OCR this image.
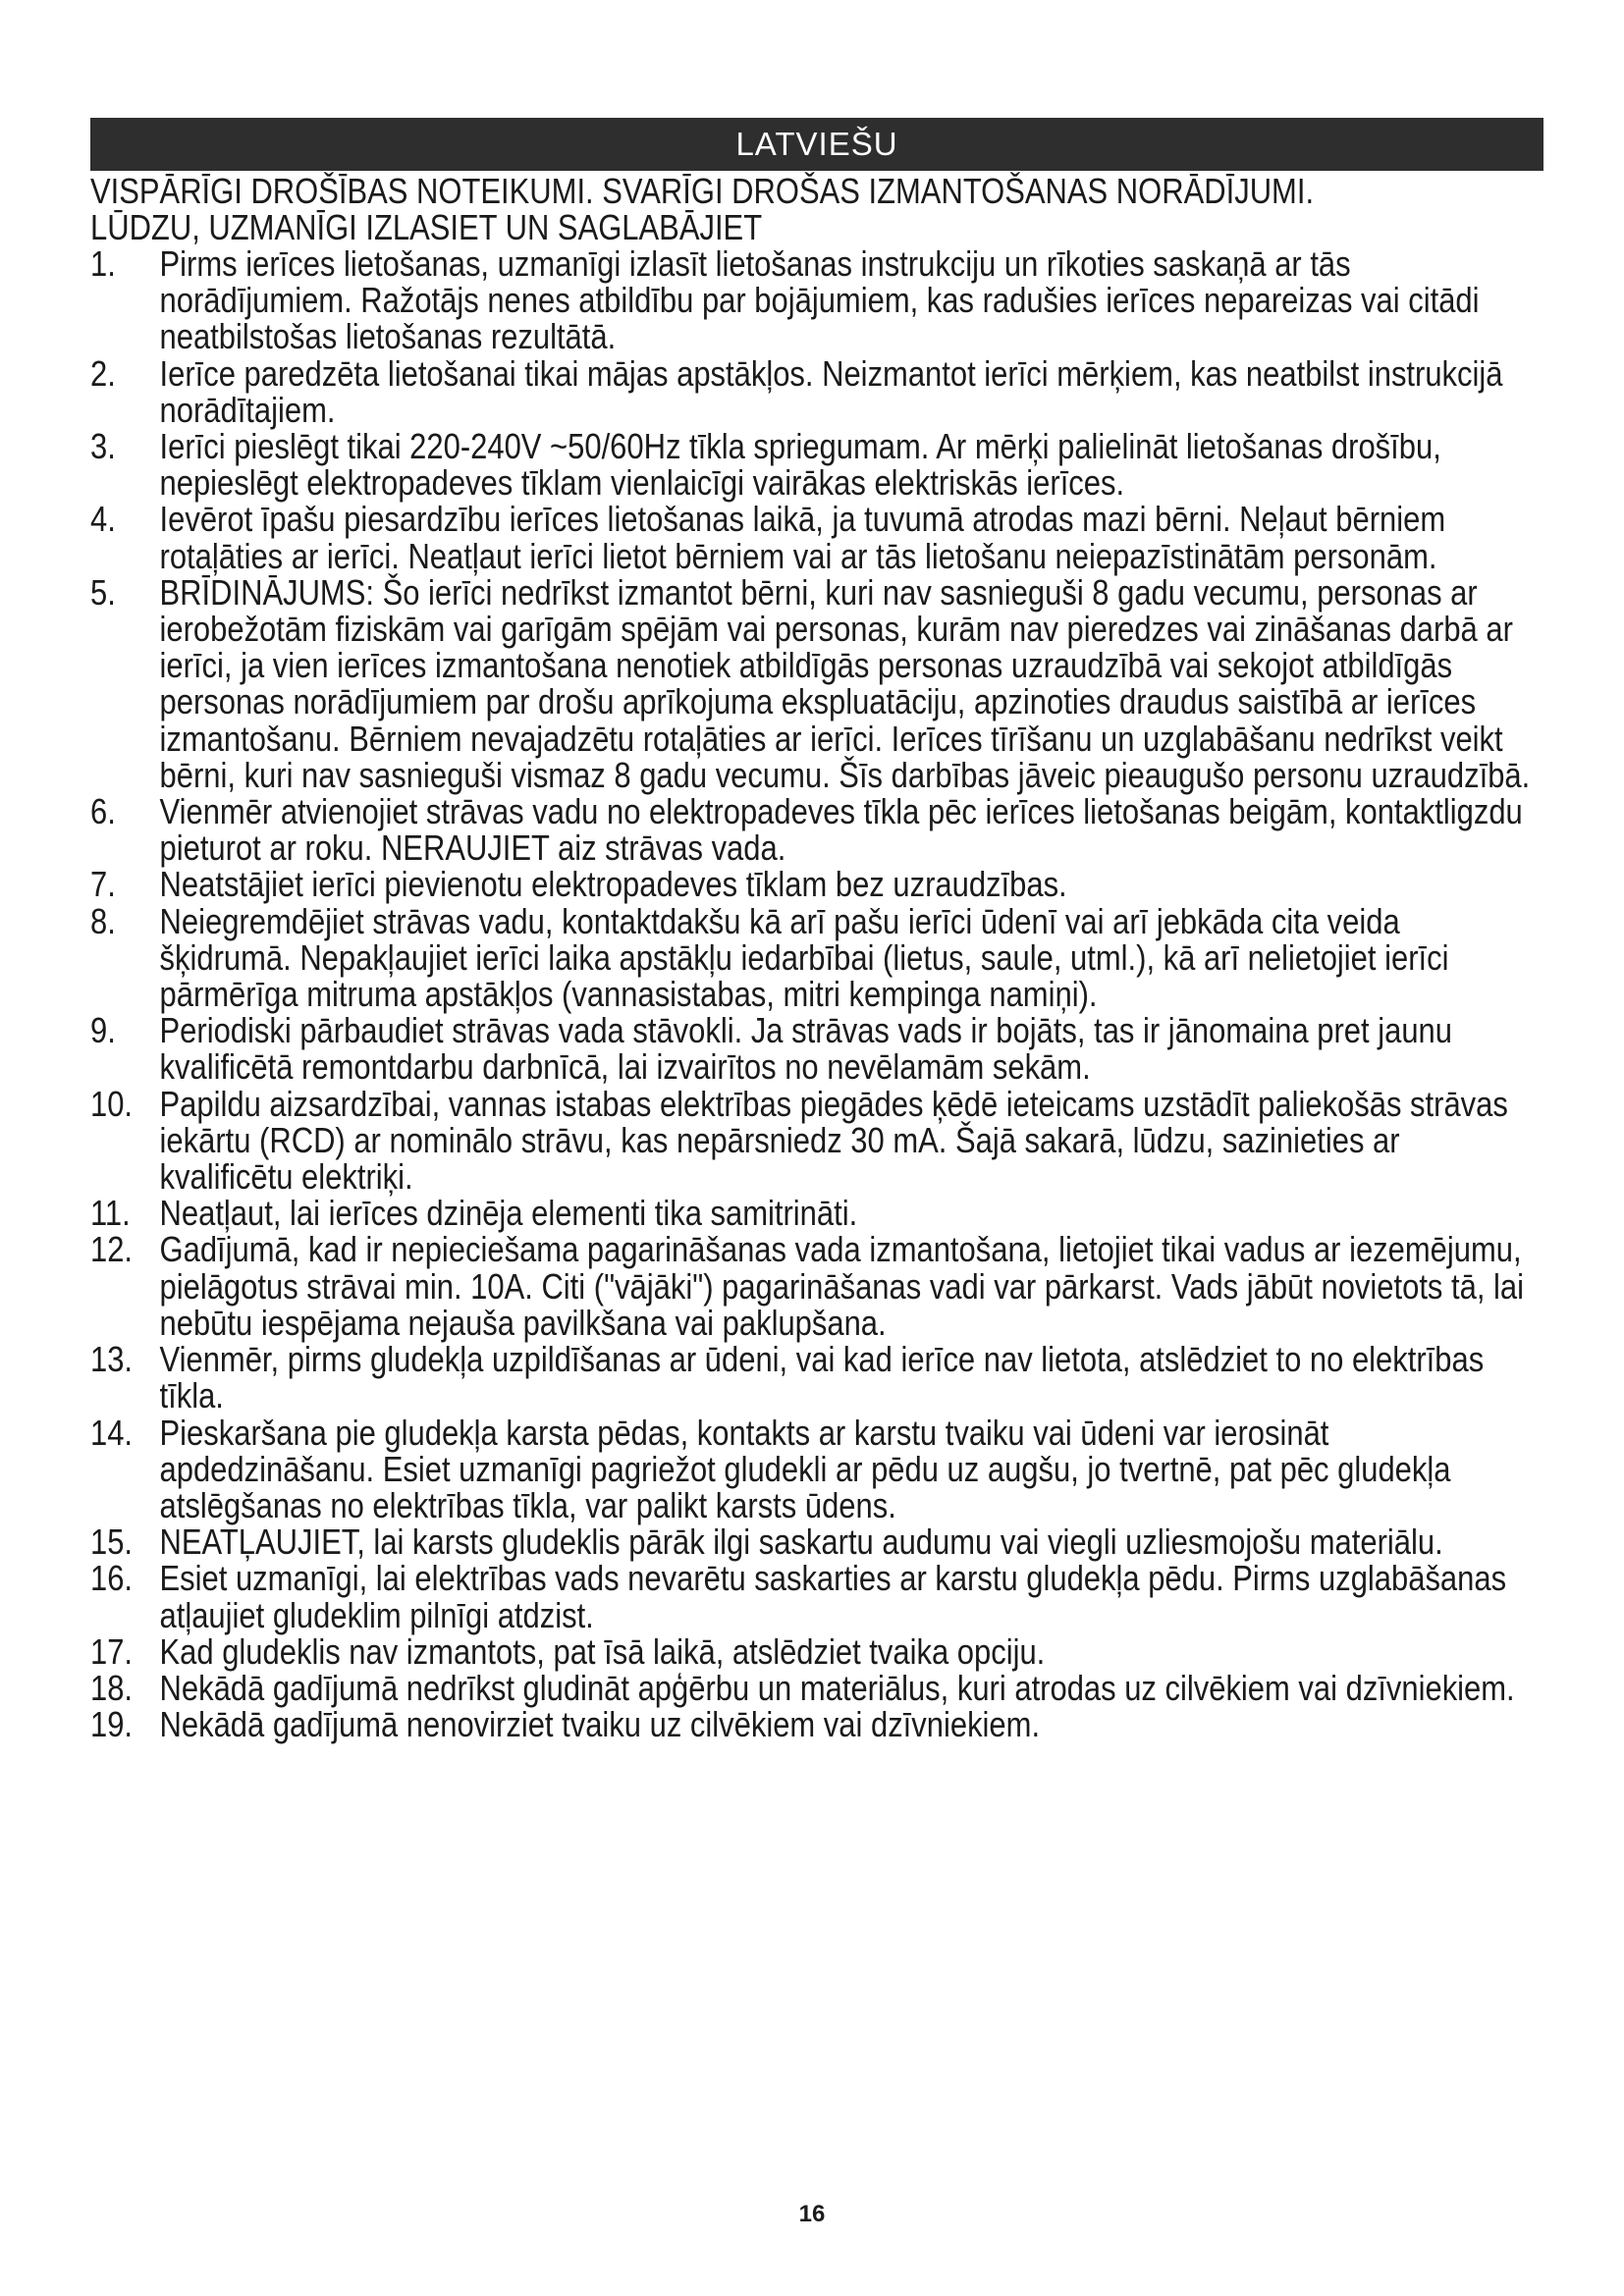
LATVIEŠU
VISPĀRĪGI DROŠĪBAS NOTEIKUMI. SVARĪGI DROŠAS IZMANTOŠANAS NORĀDĪJUMI.
LŪDZU, UZMANĪGI IZLASIET UN SAGLABĀJIET
1. Pirms ierīces lietošanas, uzmanīgi izlasīt lietošanas instrukciju un rīkoties saskaņā ar tās norādījumiem. Ražotājs nenes atbildību par bojājumiem, kas radušies ierīces nepareizas vai citādi neatbilstošas lietošanas rezultātā.
2. Ierīce paredzēta lietošanai tikai mājas apstākļos. Neizmantot ierīci mērķiem, kas neatbilst instrukcijā norādītajiem.
3. Ierīci pieslēgt tikai 220-240V ~50/60Hz tīkla spriegumam. Ar mērķi palielināt lietošanas drošību, nepieslēgt elektropadeves tīklam vienlaicīgi vairākas elektriskās ierīces.
4. Ievērot īpašu piesardzību ierīces lietošanas laikā, ja tuvumā atrodas mazi bērni. Neļaut bērniem rotaļāties ar ierīci. Neatļaut ierīci lietot bērniem vai ar tās lietošanu neiepazīstinātām personām.
5. BRĪDINĀJUMS: Šo ierīci nedrīkst izmantot bērni, kuri nav sasnieguši 8 gadu vecumu, personas ar ierobežotām fiziskām vai garīgām spējām vai personas, kurām nav pieredzes vai zināšanas darbā ar ierīci, ja vien ierīces izmantošana nenotiek atbildīgās personas uzraudzībā vai sekojot atbildīgās personas norādījumiem par drošu aprīkojuma ekspluatāciju, apzinoties draudus saistībā ar ierīces izmantošanu. Bērniem nevajadzētu rotaļāties ar ierīci. Ierīces tīrīšanu un uzglabāšanu nedrīkst veikt bērni, kuri nav sasnieguši vismaz 8 gadu vecumu. Šīs darbības jāveic pieaugušo personu uzraudzībā.
6. Vienmēr atvienojiet strāvas vadu no elektropadeves tīkla pēc ierīces lietošanas beigām, kontaktligzdu pieturot ar roku. NERAUJIET aiz strāvas vada.
7. Neatstājiet ierīci pievienotu elektropadeves tīklam bez uzraudzības.
8. Neiegremdējiet strāvas vadu, kontaktdakšu kā arī pašu ierīci ūdenī vai arī jebkāda cita veida šķidrumā. Nepakļaujiet ierīci laika apstākļu iedarbībai (lietus, saule, utml.), kā arī nelietojiet ierīci pārmērīga mitruma apstākļos (vannasistabas, mitri kempinga namiņi).
9. Periodiski pārbaudiet strāvas vada stāvokli. Ja strāvas vads ir bojāts, tas ir jānomaina pret jaunu kvalificētā remontdarbu darbnīcā, lai izvairītos no nevēlamām sekām.
10. Papildu aizsardzībai, vannas istabas elektrības piegādes ķēdē ieteicams uzstādīt paliekošās strāvas iekārtu (RCD) ar nominālo strāvu, kas nepārsniedz 30 mA. Šajā sakarā, lūdzu, sazinieties ar kvalificētu elektriķi.
11. Neatļaut, lai ierīces dzinēja elementi tika samitrināti.
12. Gadījumā, kad ir nepieciešama pagarināšanas vada izmantošana, lietojiet tikai vadus ar iezemējumu, pielāgotus strāvai min. 10A. Citi ("vājāki") pagarināšanas vadi var pārkarst. Vads jābūt novietots tā, lai nebūtu iespējama nejauša pavilkšana vai paklupšana.
13. Vienmēr, pirms gludekļa uzpildīšanas ar ūdeni, vai kad ierīce nav lietota, atslēdziet to no elektrības tīkla.
14. Pieskaršana pie gludekļa karsta pēdas, kontakts ar karstu tvaiku vai ūdeni var ierosināt apdedzināšanu. Esiet uzmanīgi pagriežot gludekli ar pēdu uz augšu, jo tvertnē, pat pēc gludekļa atslēgšanas no elektrības tīkla, var palikt karsts ūdens.
15. NEATĻAUJIET, lai karsts gludeklis pārāk ilgi saskartu audumu vai viegli uzliesmojošu materiālu.
16. Esiet uzmanīgi, lai elektrības vads nevarētu saskarties ar karstu gludekļa pēdu. Pirms uzglabāšanas atļaujiet gludeklim pilnīgi atdzist.
17. Kad gludeklis nav izmantots, pat īsā laikā, atslēdziet tvaika opciju.
18. Nekādā gadījumā nedrīkst gludināt apģērbu un materiālus, kuri atrodas uz cilvēkiem vai dzīvniekiem.
19. Nekādā gadījumā nenovirziet tvaiku uz cilvēkiem vai dzīvniekiem.
16
